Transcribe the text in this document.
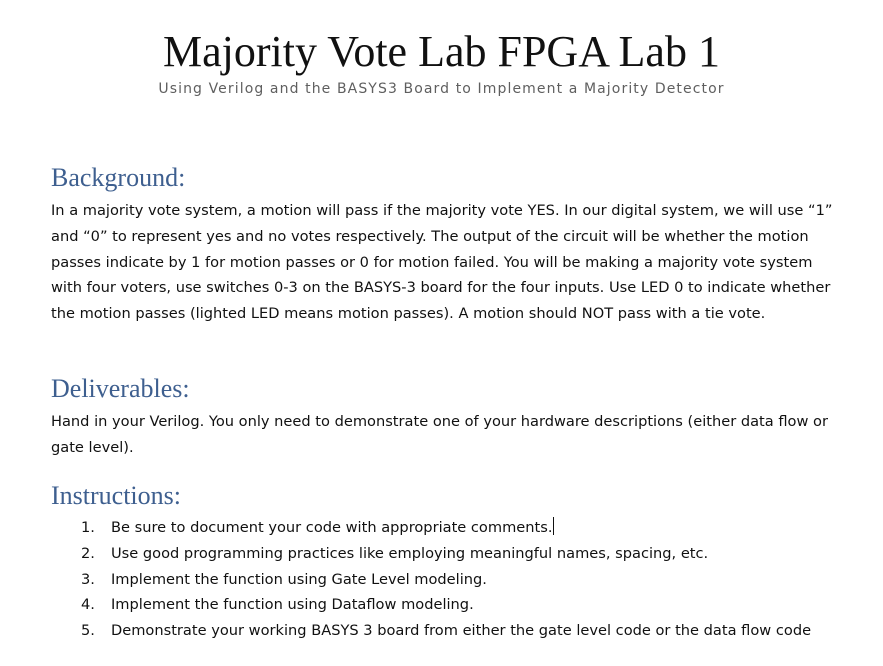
Majority Vote Lab FPGA Lab 1
Using Verilog and the BASYS3 Board to Implement a Majority Detector
Background:

In a majority vote system, a motion will pass if the majority vote YES. In our digital system, we will use “1” and “0” to represent yes and no votes respectively. The output of the circuit will be whether the motion passes indicate by 1 for motion passes or 0 for motion failed. You will be making a majority vote system with four voters, use switches 0-3 on the BASYS-3 board for the four inputs. Use LED 0 to indicate whether the motion passes (lighted LED means motion passes). A motion should NOT pass with a tie vote.

Deliverables:

Hand in your Verilog. You only need to demonstrate one of your hardware descriptions (either data flow or gate level).

Instructions:
1.	Be sure to document your code with appropriate comments.
2.	Use good programming practices like employing meaningful names, spacing, etc.
3.	Implement the function using Gate Level modeling.
4.	Implement the function using Dataflow modeling.
5.	Demonstrate your working BASYS 3 board from either the gate level code or the data flow code
